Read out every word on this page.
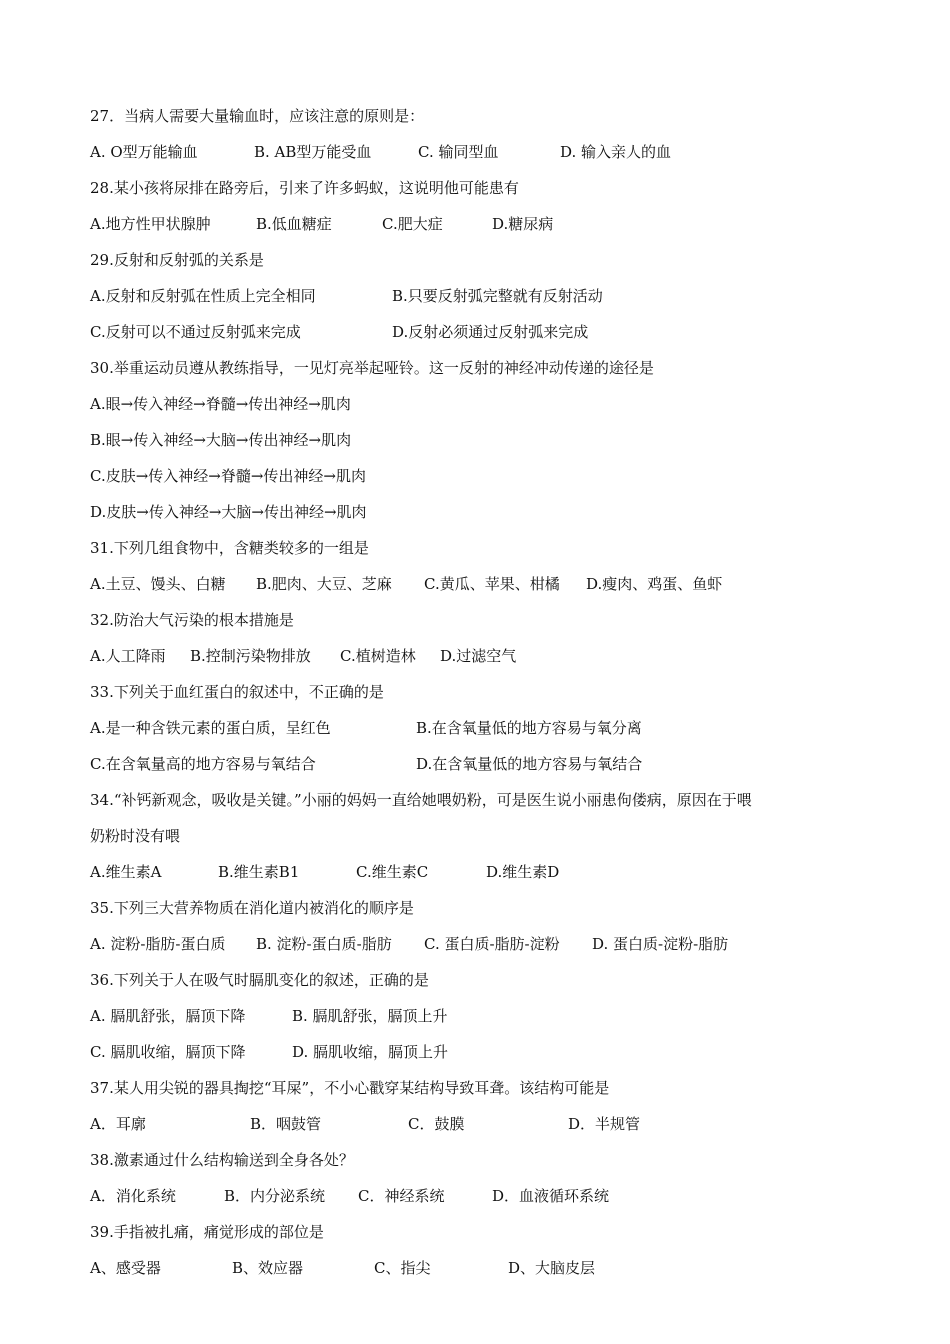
27．当病人需要大量输血时，应该注意的原则是：
A. O型万能输血	B. AB型万能受血	C. 输同型血	D. 输入亲人的血
28.某小孩将尿排在路旁后，引来了许多蚂蚁，这说明他可能患有
A.地方性甲状腺肿	B.低血糖症	C.肥大症	D.糖尿病
29.反射和反射弧的关系是
A.反射和反射弧在性质上完全相同	B.只要反射弧完整就有反射活动
C.反射可以不通过反射弧来完成	D.反射必须通过反射弧来完成
30.举重运动员遵从教练指导，一见灯亮举起哑铃。这一反射的神经冲动传递的途径是
A.眼→传入神经→脊髓→传出神经→肌肉
B.眼→传入神经→大脑→传出神经→肌肉
C.皮肤→传入神经→脊髓→传出神经→肌肉
D.皮肤→传入神经→大脑→传出神经→肌肉
31.下列几组食物中，含糖类较多的一组是
A.土豆、馒头、白糖	B.肥肉、大豆、芝麻	C.黄瓜、苹果、柑橘	D.瘦肉、鸡蛋、鱼虾
32.防治大气污染的根本措施是
A.人工降雨	B.控制污染物排放	C.植树造林	D.过滤空气
33.下列关于血红蛋白的叙述中，不正确的是
A.是一种含铁元素的蛋白质，呈红色	B.在含氧量低的地方容易与氧分离
C.在含氧量高的地方容易与氧结合	D.在含氧量低的地方容易与氧结合
34.“补钙新观念，吸收是关键。”小丽的妈妈一直给她喂奶粉，可是医生说小丽患佝偻病，原因在于喂
奶粉时没有喂
A.维生素A	B.维生素B1	C.维生素C	D.维生素D
35.下列三大营养物质在消化道内被消化的顺序是
A. 淀粉-脂肪-蛋白质	B. 淀粉-蛋白质-脂肪	C. 蛋白质-脂肪-淀粉	D. 蛋白质-淀粉-脂肪
36.下列关于人在吸气时膈肌变化的叙述，正确的是
A. 膈肌舒张，膈顶下降	B. 膈肌舒张，膈顶上升
C. 膈肌收缩，膈顶下降	D. 膈肌收缩，膈顶上升
37.某人用尖锐的器具掏挖“耳屎”，不小心戳穿某结构导致耳聋。该结构可能是
A．耳廓	B．咽鼓管	C．鼓膜	D．半规管
38.激素通过什么结构输送到全身各处？
A．消化系统	B．内分泌系统	C．神经系统	D．血液循环系统
39.手指被扎痛，痛觉形成的部位是
A、感受器	B、效应器	C、指尖	D、大脑皮层
